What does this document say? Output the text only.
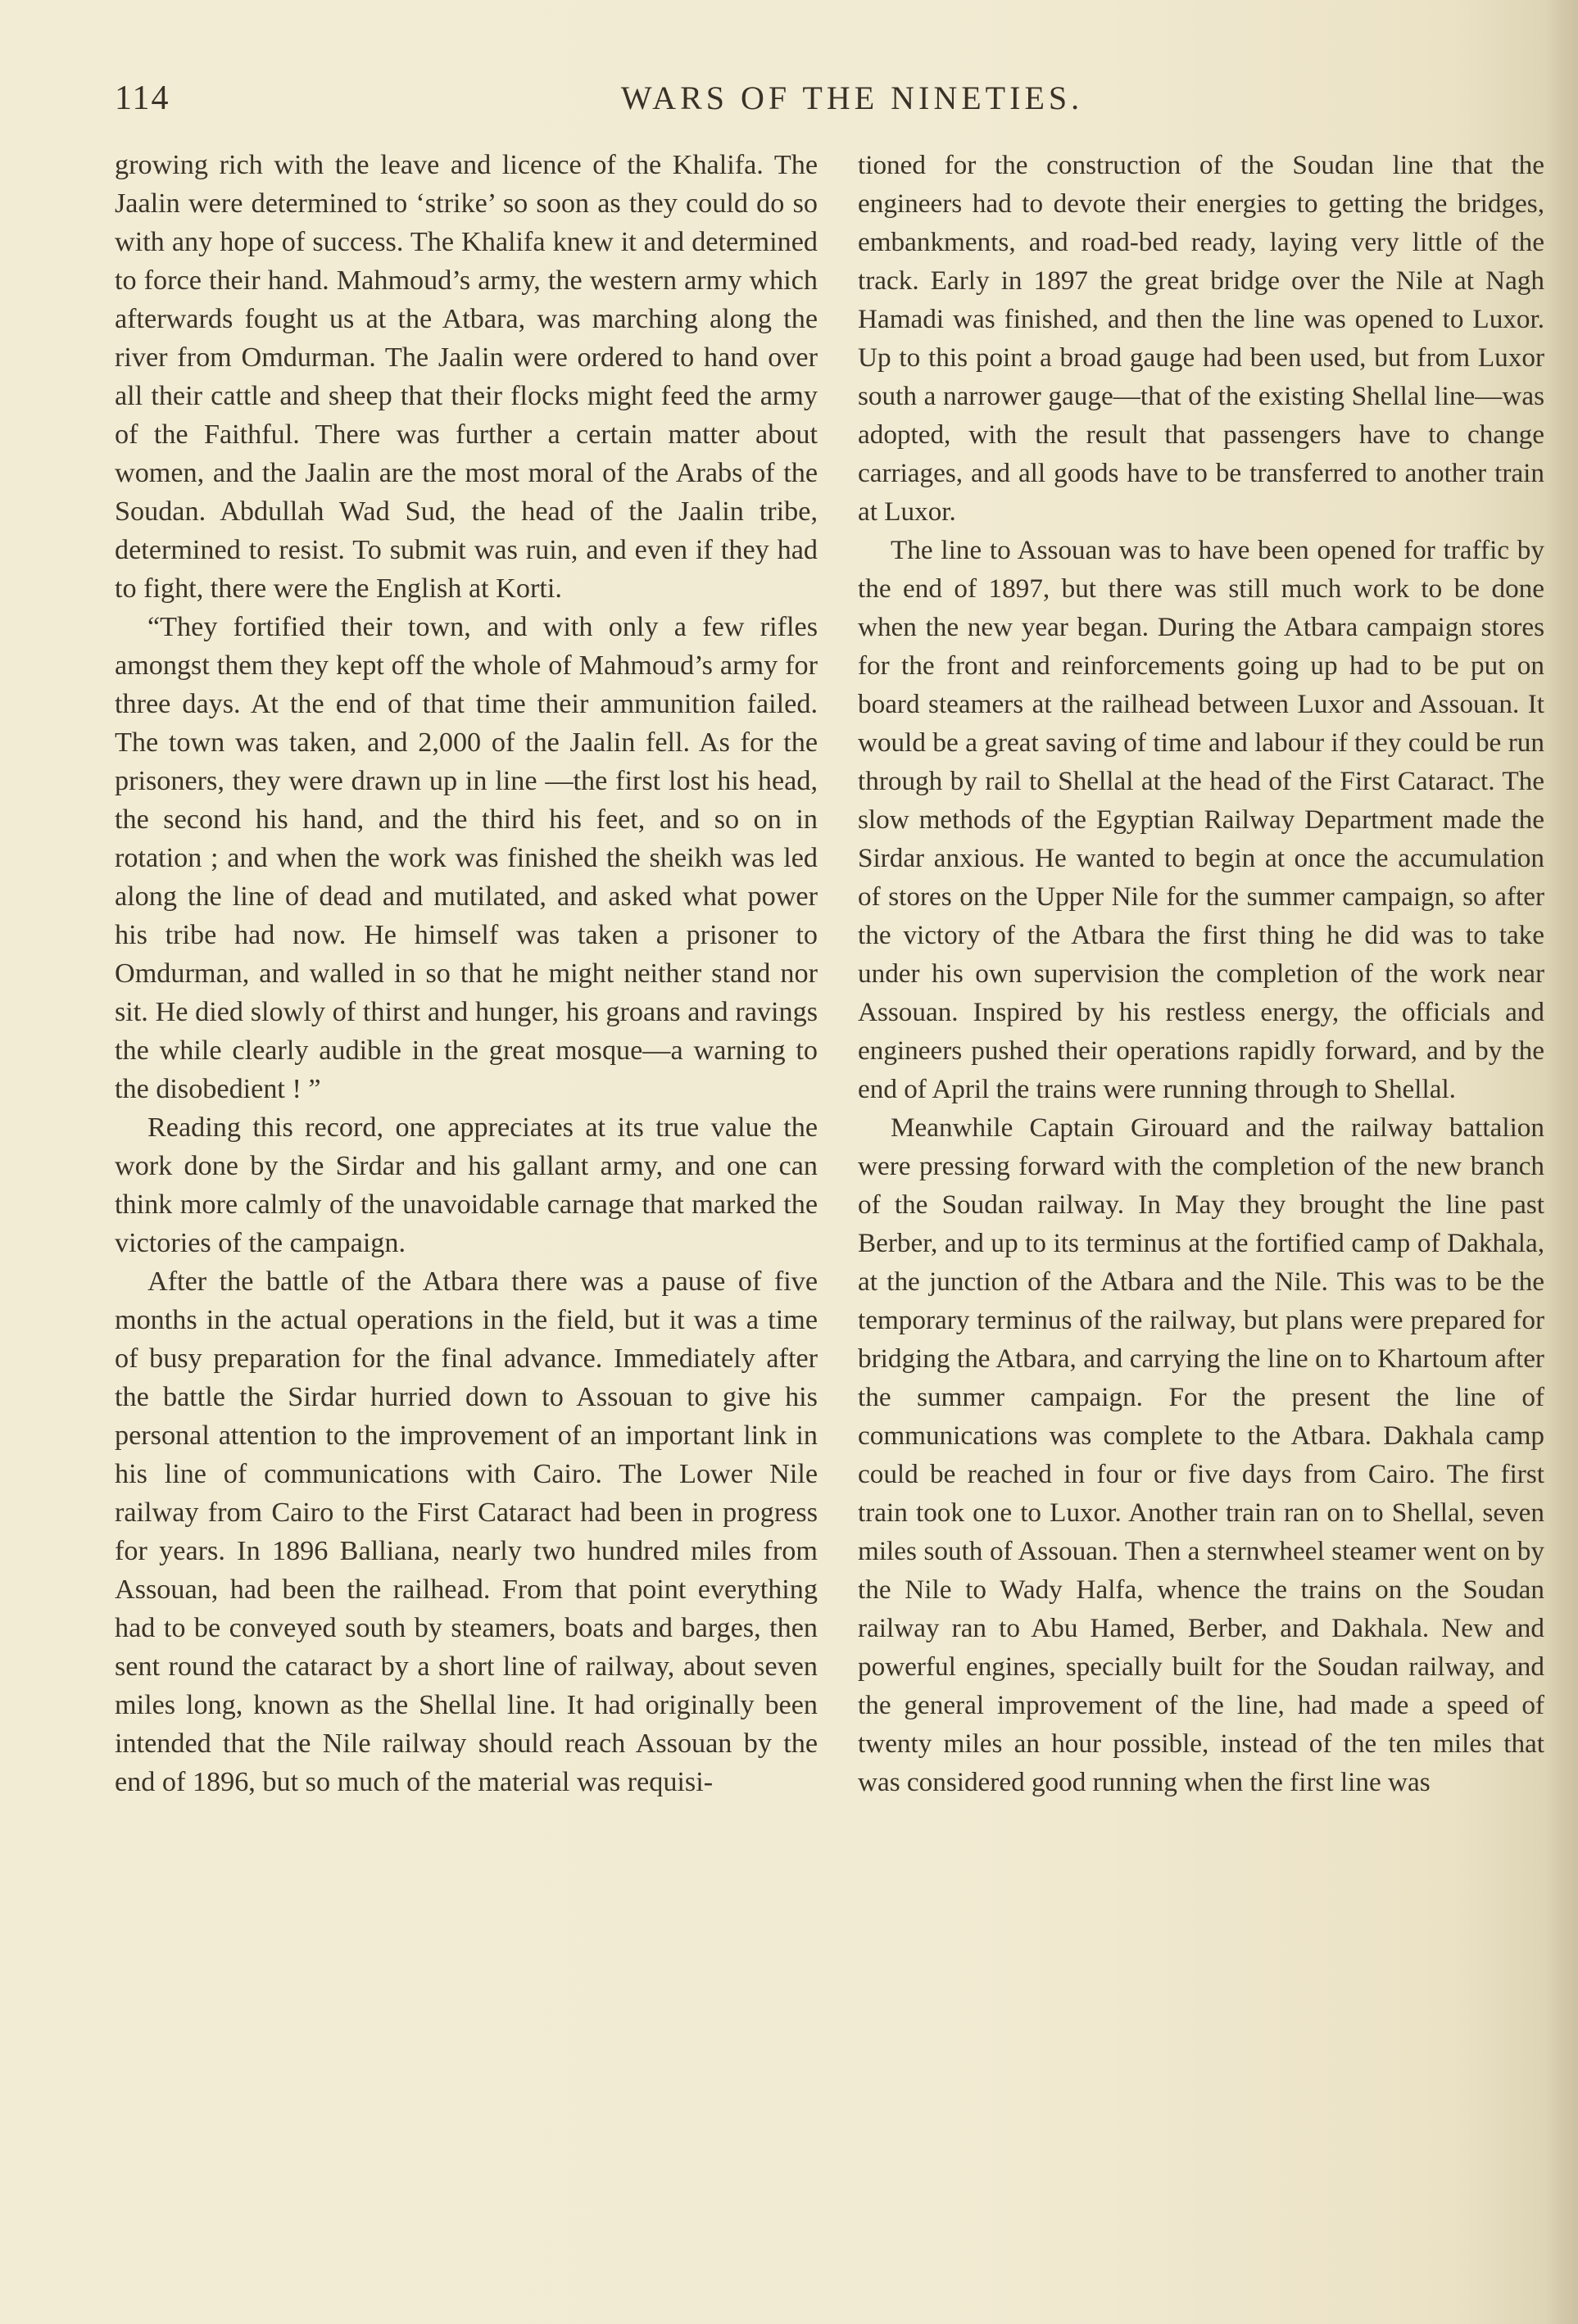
114	WARS OF THE NINETIES.

growing rich with the leave and licence of the Khalifa. The Jaalin were determined to ‘strike’ so soon as they could do so with any hope of success. The Khalifa knew it and determined to force their hand. Mahmoud’s army, the western army which afterwards fought us at the Atbara, was marching along the river from Omdurman. The Jaalin were ordered to hand over all their cattle and sheep that their flocks might feed the army of the Faithful. There was further a certain matter about women, and the Jaalin are the most moral of the Arabs of the Soudan. Abdullah Wad Sud, the head of the Jaalin tribe, determined to resist. To submit was ruin, and even if they had to fight, there were the English at Korti.

“They fortified their town, and with only a few rifles amongst them they kept off the whole of Mahmoud’s army for three days. At the end of that time their ammunition failed. The town was taken, and 2,000 of the Jaalin fell. As for the prisoners, they were drawn up in line —the first lost his head, the second his hand, and the third his feet, and so on in rotation ; and when the work was finished the sheikh was led along the line of dead and mutilated, and asked what power his tribe had now. He himself was taken a prisoner to Omdurman, and walled in so that he might neither stand nor sit. He died slowly of thirst and hunger, his groans and ravings the while clearly audible in the great mosque—a warning to the disobedient ! ”

Reading this record, one appreciates at its true value the work done by the Sirdar and his gallant army, and one can think more calmly of the unavoidable carnage that marked the victories of the campaign.

After the battle of the Atbara there was a pause of five months in the actual operations in the field, but it was a time of busy preparation for the final advance. Immediately after the battle the Sirdar hurried down to Assouan to give his personal attention to the improvement of an important link in his line of communications with Cairo. The Lower Nile railway from Cairo to the First Cataract had been in progress for years. In 1896 Balliana, nearly two hundred miles from Assouan, had been the railhead. From that point everything had to be conveyed south by steamers, boats and barges, then sent round the cataract by a short line of railway, about seven miles long, known as the Shellal line. It had originally been intended that the Nile railway should reach Assouan by the end of 1896, but so much of the material was requisi-

tioned for the construction of the Soudan line that the engineers had to devote their energies to getting the bridges, embankments, and road-bed ready, laying very little of the track. Early in 1897 the great bridge over the Nile at Nagh Hamadi was finished, and then the line was opened to Luxor. Up to this point a broad gauge had been used, but from Luxor south a narrower gauge—that of the existing Shellal line—was adopted, with the result that passengers have to change carriages, and all goods have to be transferred to another train at Luxor.

The line to Assouan was to have been opened for traffic by the end of 1897, but there was still much work to be done when the new year began. During the Atbara campaign stores for the front and reinforcements going up had to be put on board steamers at the railhead between Luxor and Assouan. It would be a great saving of time and labour if they could be run through by rail to Shellal at the head of the First Cataract. The slow methods of the Egyptian Railway Department made the Sirdar anxious. He wanted to begin at once the accumulation of stores on the Upper Nile for the summer campaign, so after the victory of the Atbara the first thing he did was to take under his own supervision the completion of the work near Assouan. Inspired by his restless energy, the officials and engineers pushed their operations rapidly forward, and by the end of April the trains were running through to Shellal.

Meanwhile Captain Girouard and the railway battalion were pressing forward with the completion of the new branch of the Soudan railway. In May they brought the line past Berber, and up to its terminus at the fortified camp of Dakhala, at the junction of the Atbara and the Nile. This was to be the temporary terminus of the railway, but plans were prepared for bridging the Atbara, and carrying the line on to Khartoum after the summer campaign. For the present the line of communications was complete to the Atbara. Dakhala camp could be reached in four or five days from Cairo. The first train took one to Luxor. Another train ran on to Shellal, seven miles south of Assouan. Then a sternwheel steamer went on by the Nile to Wady Halfa, whence the trains on the Soudan railway ran to Abu Hamed, Berber, and Dakhala. New and powerful engines, specially built for the Soudan railway, and the general improvement of the line, had made a speed of twenty miles an hour possible, instead of the ten miles that was considered good running when the first line was
